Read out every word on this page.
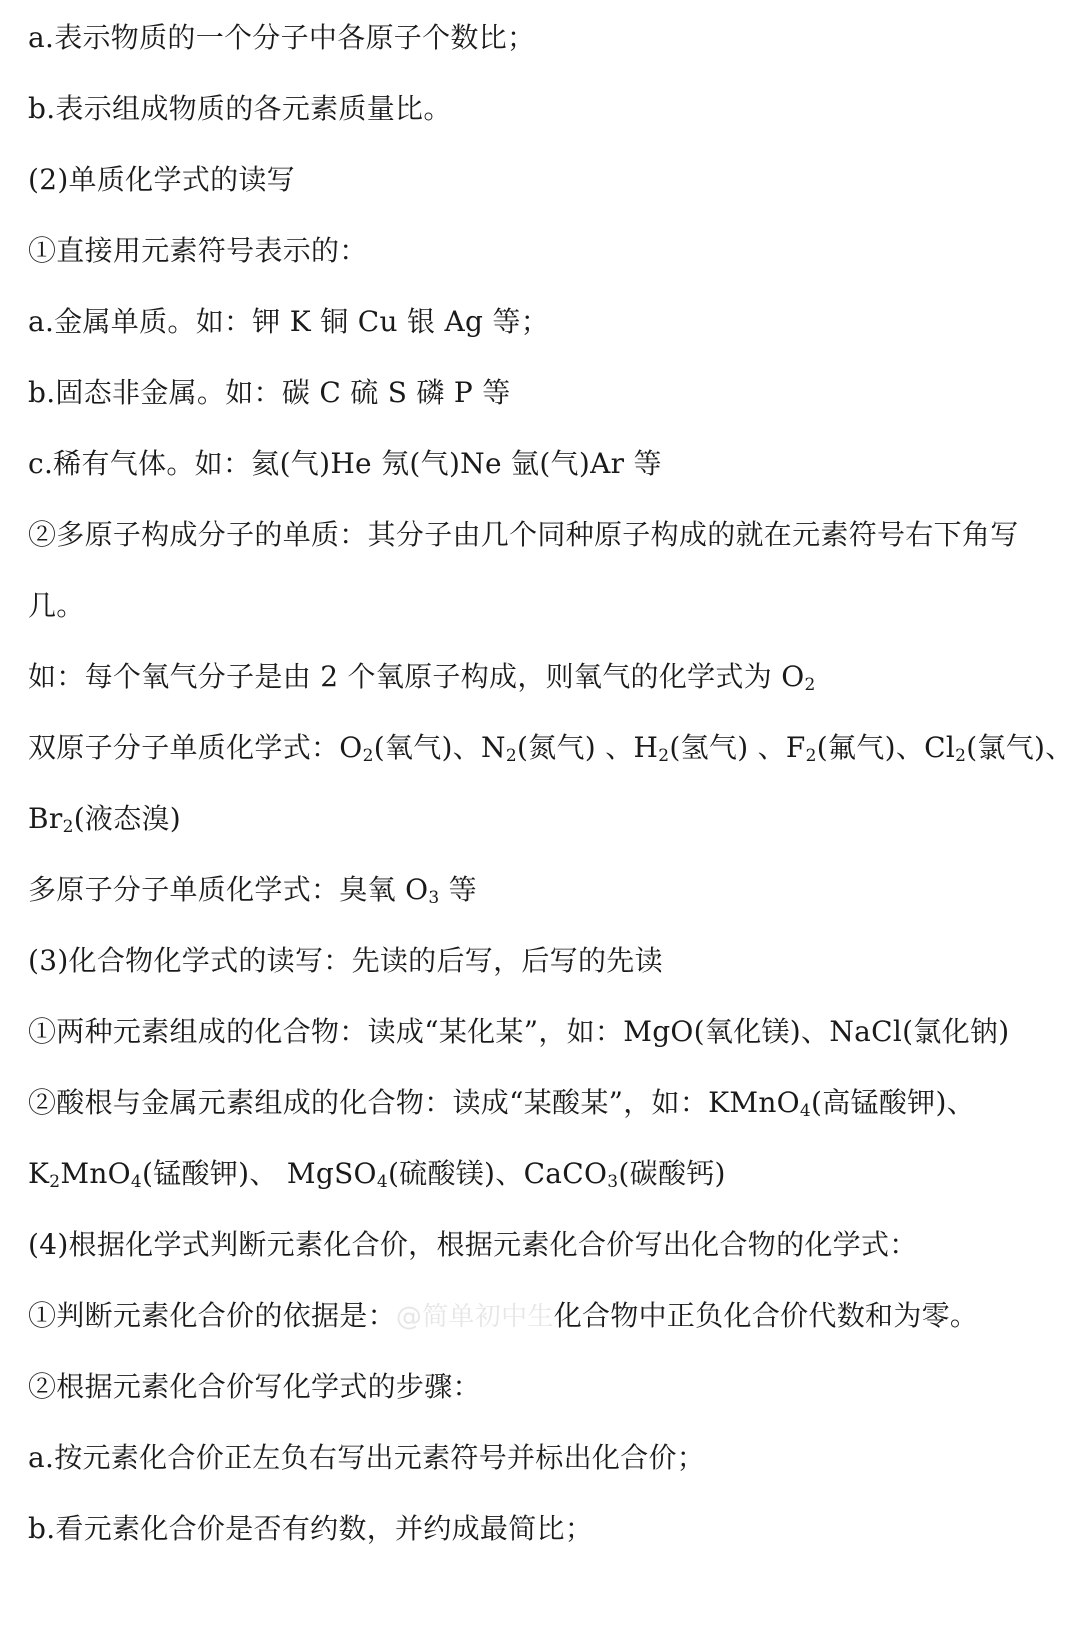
a.表示物质的一个分子中各原子个数比；
b.表示组成物质的各元素质量比。
(2)单质化学式的读写
①直接用元素符号表示的：
a.金属单质。如：钾 K 铜 Cu 银 Ag 等；
b.固态非金属。如：碳 C 硫 S 磷 P 等
c.稀有气体。如：氦(气)He 氖(气)Ne 氩(气)Ar 等
②多原子构成分子的单质：其分子由几个同种原子构成的就在元素符号右下角写
几。
如：每个氧气分子是由 2 个氧原子构成，则氧气的化学式为 $O_2$
双原子分子单质化学式：$O_2$(氧气)、$N_2$(氮气) 、$H_2$(氢气) 、$F_2$(氟气)、$Cl_2$(氯气)、
$Br_2$(液态溴)
多原子分子单质化学式：臭氧 $O_3$ 等
(3)化合物化学式的读写：先读的后写，后写的先读
①两种元素组成的化合物：读成“某化某”，如：MgO(氧化镁)、NaCl(氯化钠)
②酸根与金属元素组成的化合物：读成“某酸某”，如：KMnO$_4$(高锰酸钾)、
$K_2MnO_4$(锰酸钾)、 MgSO$_4$(硫酸镁)、CaCO$_3$(碳酸钙)
(4)根据化学式判断元素化合价，根据元素化合价写出化合物的化学式：
①判断元素化合价的依据是：@简单初中生化合物中正负化合价代数和为零。
②根据元素化合价写化学式的步骤：
a.按元素化合价正左负右写出元素符号并标出化合价；
b.看元素化合价是否有约数，并约成最简比；
